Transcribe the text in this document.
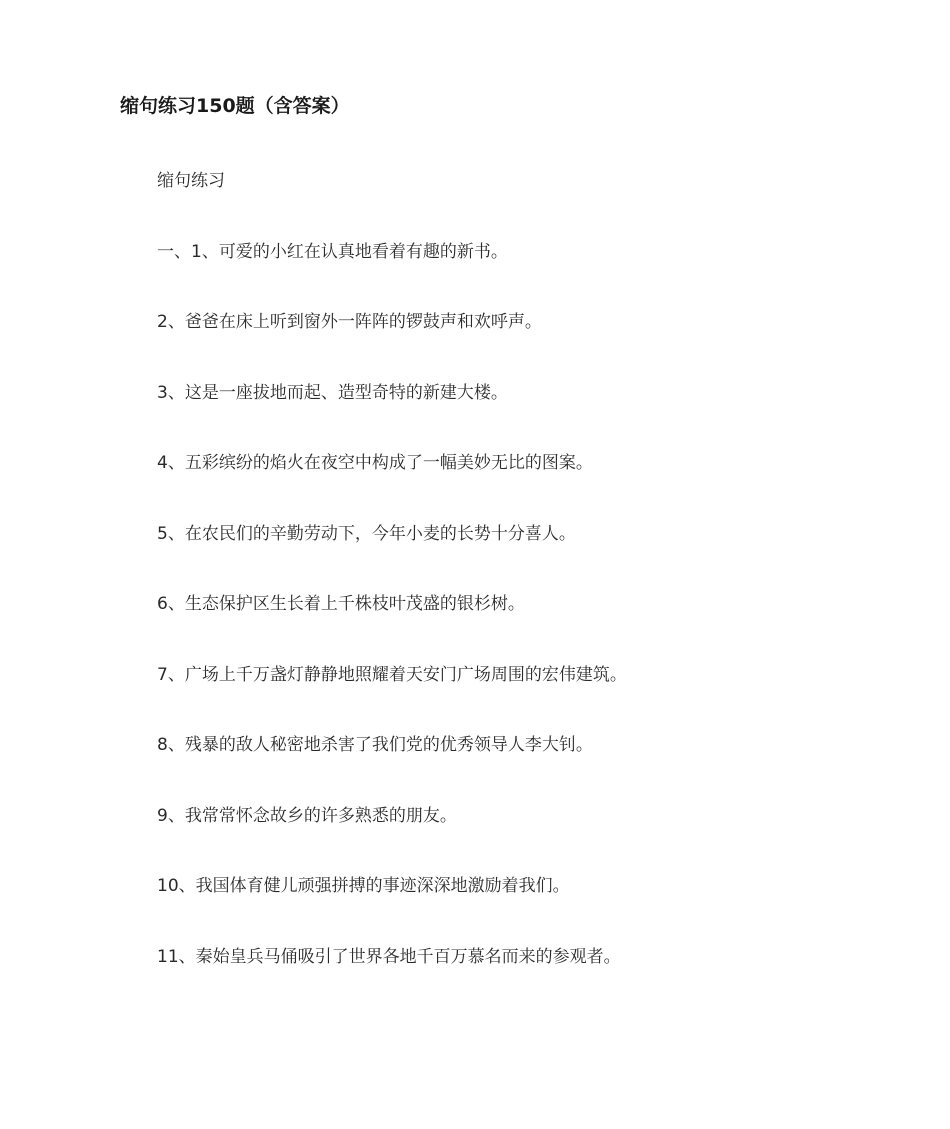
缩句练习150题（含答案）

缩句练习

一、1、可爱的小红在认真地看着有趣的新书。

2、爸爸在床上听到窗外一阵阵的锣鼓声和欢呼声。

3、这是一座拔地而起、造型奇特的新建大楼。

4、五彩缤纷的焰火在夜空中构成了一幅美妙无比的图案。

5、在农民们的辛勤劳动下，今年小麦的长势十分喜人。

6、生态保护区生长着上千株枝叶茂盛的银杉树。

7、广场上千万盏灯静静地照耀着天安门广场周围的宏伟建筑。

8、残暴的敌人秘密地杀害了我们党的优秀领导人李大钊。

9、我常常怀念故乡的许多熟悉的朋友。

10、我国体育健儿顽强拼搏的事迹深深地激励着我们。

11、秦始皇兵马俑吸引了世界各地千百万慕名而来的参观者。
